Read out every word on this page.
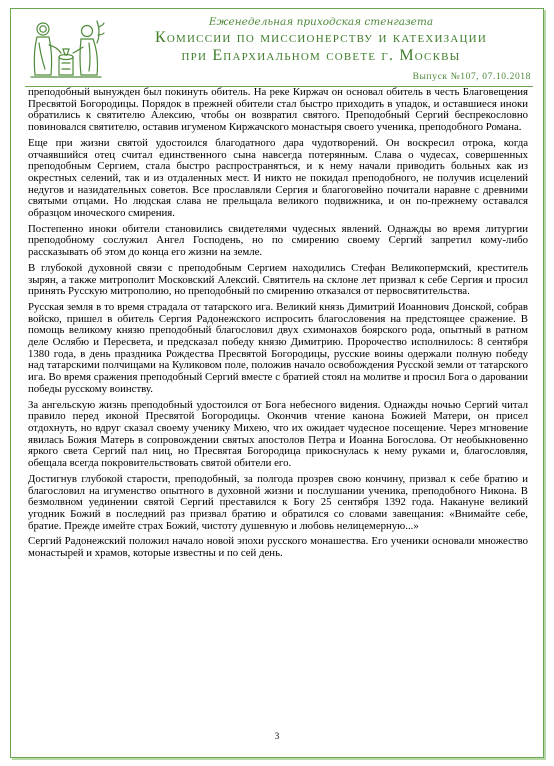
Еженедельная приходская стенгазета
Комиссии по миссионерству и катехизации
при Епархиальном совете г. Москвы
Выпуск №107, 07.10.2018

преподобный вынужден был покинуть обитель. На реке Киржач он основал обитель в честь Благовещения Пресвятой Богородицы. Порядок в прежней обители стал быстро приходить в упадок, и оставшиеся иноки обратились к святителю Алексию, чтобы он возвратил святого. Преподобный Сергий беспрекословно повиновался святителю, оставив игуменом Киржачского монастыря своего ученика, преподобного Романа.

Еще при жизни святой удостоился благодатного дара чудотворений. Он воскресил отрока, когда отчаявшийся отец считал единственного сына навсегда потерянным. Слава о чудесах, совершенных преподобным Сергием, стала быстро распространяться, и к нему начали приводить больных как из окрестных селений, так и из отдаленных мест. И никто не покидал преподобного, не получив исцелений недугов и назидательных советов. Все прославляли Сергия и благоговейно почитали наравне с древними святыми отцами. Но людская слава не прельщала великого подвижника, и он по-прежнему оставался образцом иноческого смирения.

Постепенно иноки обители становились свидетелями чудесных явлений. Однажды во время литургии преподобному сослужил Ангел Господень, но по смирению своему Сергий запретил кому-либо рассказывать об этом до конца его жизни на земле.

В глубокой духовной связи с преподобным Сергием находились Стефан Великопермский, креститель зырян, а также митрополит Московский Алексий. Святитель на склоне лет призвал к себе Сергия и просил принять Русскую митрополию, но преподобный по смирению отказался от первосвятительства.

Русская земля в то время страдала от татарского ига. Великий князь Димитрий Иоаннович Донской, собрав войско, пришел в обитель Сергия Радонежского испросить благословения на предстоящее сражение. В помощь великому князю преподобный благословил двух схимонахов боярского рода, опытный в ратном деле Ослябю и Пересвета, и предсказал победу князю Димитрию. Пророчество исполнилось: 8 сентября 1380 года, в день праздника Рождества Пресвятой Богородицы, русские воины одержали полную победу над татарскими полчищами на Куликовом поле, положив начало освобождения Русской земли от татарского ига. Во время сражения преподобный Сергий вместе с братией стоял на молитве и просил Бога о даровании победы русскому воинству.

За ангельскую жизнь преподобный удостоился от Бога небесного видения. Однажды ночью Сергий читал правило перед иконой Пресвятой Богородицы. Окончив чтение канона Божией Матери, он присел отдохнуть, но вдруг сказал своему ученику Михею, что их ожидает чудесное посещение. Через мгновение явилась Божия Матерь в сопровождении святых апостолов Петра и Иоанна Богослова. От необыкновенно яркого света Сергий пал ниц, но Пресвятая Богородица прикоснулась к нему руками и, благословляя, обещала всегда покровительствовать святой обители его.

Достигнув глубокой старости, преподобный, за полгода прозрев свою кончину, призвал к себе братию и благословил на игуменство опытного в духовной жизни и послушании ученика, преподобного Никона. В безмолвном уединении святой Сергий преставился к Богу 25 сентября 1392 года. Накануне великий угодник Божий в последний раз призвал братию и обратился со словами завещания: «Внимайте себе, братие. Прежде имейте страх Божий, чистоту душевную и любовь нелицемерную...»

Сергий Радонежский положил начало новой эпохи русского монашества. Его ученики основали множество монастырей и храмов, которые известны и по сей день.

3
